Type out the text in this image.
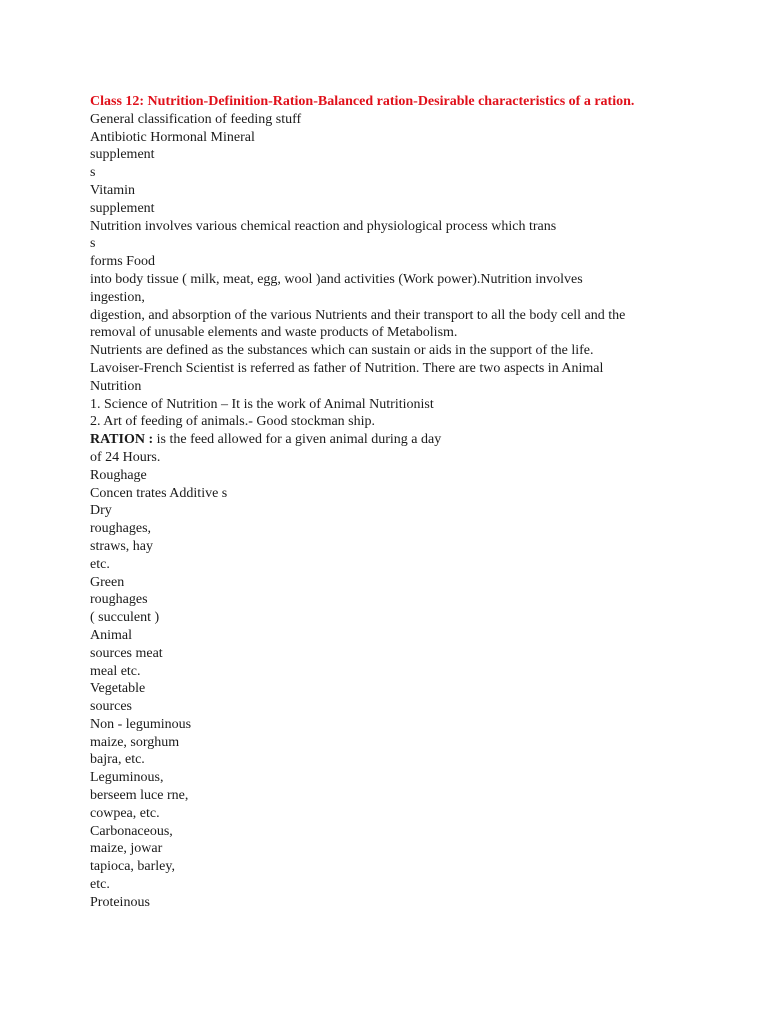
Class 12: Nutrition-Definition-Ration-Balanced ration-Desirable characteristics of a ration.
General classification of feeding stuff
Antibiotic Hormonal Mineral
supplement
s
Vitamin
supplement
Nutrition involves various chemical reaction and physiological process which trans
s
forms Food
into body tissue ( milk, meat, egg, wool )and activities (Work power).Nutrition involves
ingestion,
digestion, and absorption of the various Nutrients and their transport to all the body cell and the
removal of unusable elements and waste products of Metabolism.
Nutrients are defined as the substances which can sustain or aids in the support of the life.
Lavoiser-French Scientist is referred as father of Nutrition. There are two aspects in Animal
Nutrition
1. Science of Nutrition – It is the work of Animal Nutritionist
2. Art of feeding of animals.- Good stockman ship.
RATION : is the feed allowed for a given animal during a day
of 24 Hours.
Roughage
Concen trates Additive s
Dry
roughages,
straws, hay
etc.
Green
roughages
( succulent )
Animal
sources meat
meal etc.
Vegetable
sources
Non - leguminous
maize, sorghum
bajra, etc.
Leguminous,
berseem luce rne,
cowpea, etc.
Carbonaceous,
maize, jowar
tapioca, barley,
etc.
Proteinous
